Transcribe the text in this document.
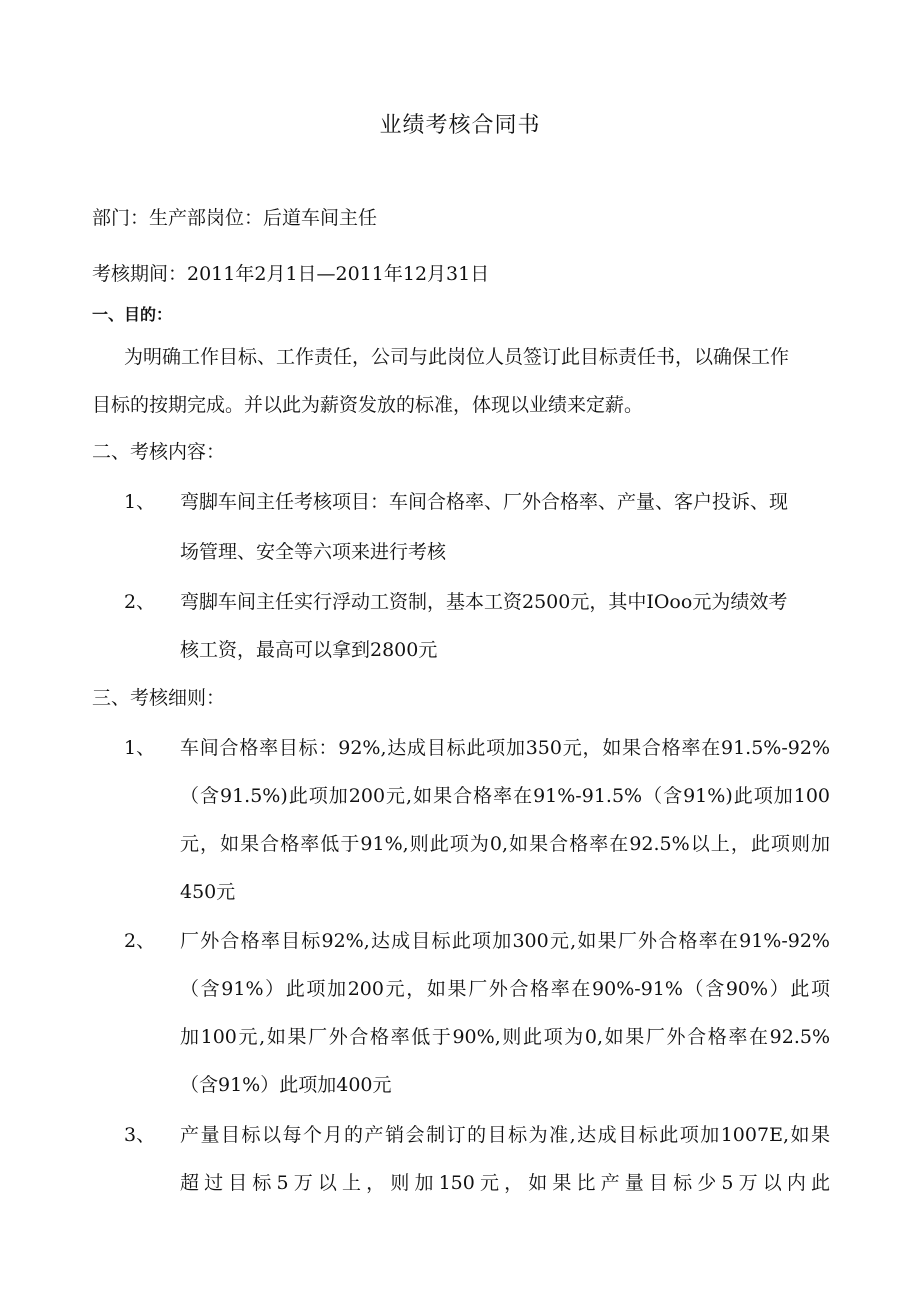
业绩考核合同书
部门：生产部岗位：后道车间主任
考核期间：2011年2月1日—2011年12月31日
一、目的：
为明确工作目标、工作责任，公司与此岗位人员签订此目标责任书，以确保工作
目标的按期完成。并以此为薪资发放的标准，体现以业绩来定薪。
二、考核内容：
1、 弯脚车间主任考核项目：车间合格率、厂外合格率、产量、客户投诉、现
场管理、安全等六项来进行考核
2、 弯脚车间主任实行浮动工资制，基本工资2500元，其中IOoo元为绩效考
核工资，最高可以拿到2800元
三、考核细则：
1、 车间合格率目标：92%,达成目标此项加350元，如果合格率在91.5%-92%
（含91.5%)此项加200元,如果合格率在91%-91.5%（含91%)此项加100
元，如果合格率低于91%,则此项为0,如果合格率在92.5%以上，此项则加
450元
2、 厂外合格率目标92%,达成目标此项加300元,如果厂外合格率在91%-92%
（含91%）此项加200元，如果厂外合格率在90%-91%（含90%）此项
加100元,如果厂外合格率低于90%,则此项为0,如果厂外合格率在92.5%
（含91%）此项加400元
3、 产量目标以每个月的产销会制订的目标为准,达成目标此项加1007E,如果
超过目标5万以上，则加150元，如果比产量目标少5万以内此
